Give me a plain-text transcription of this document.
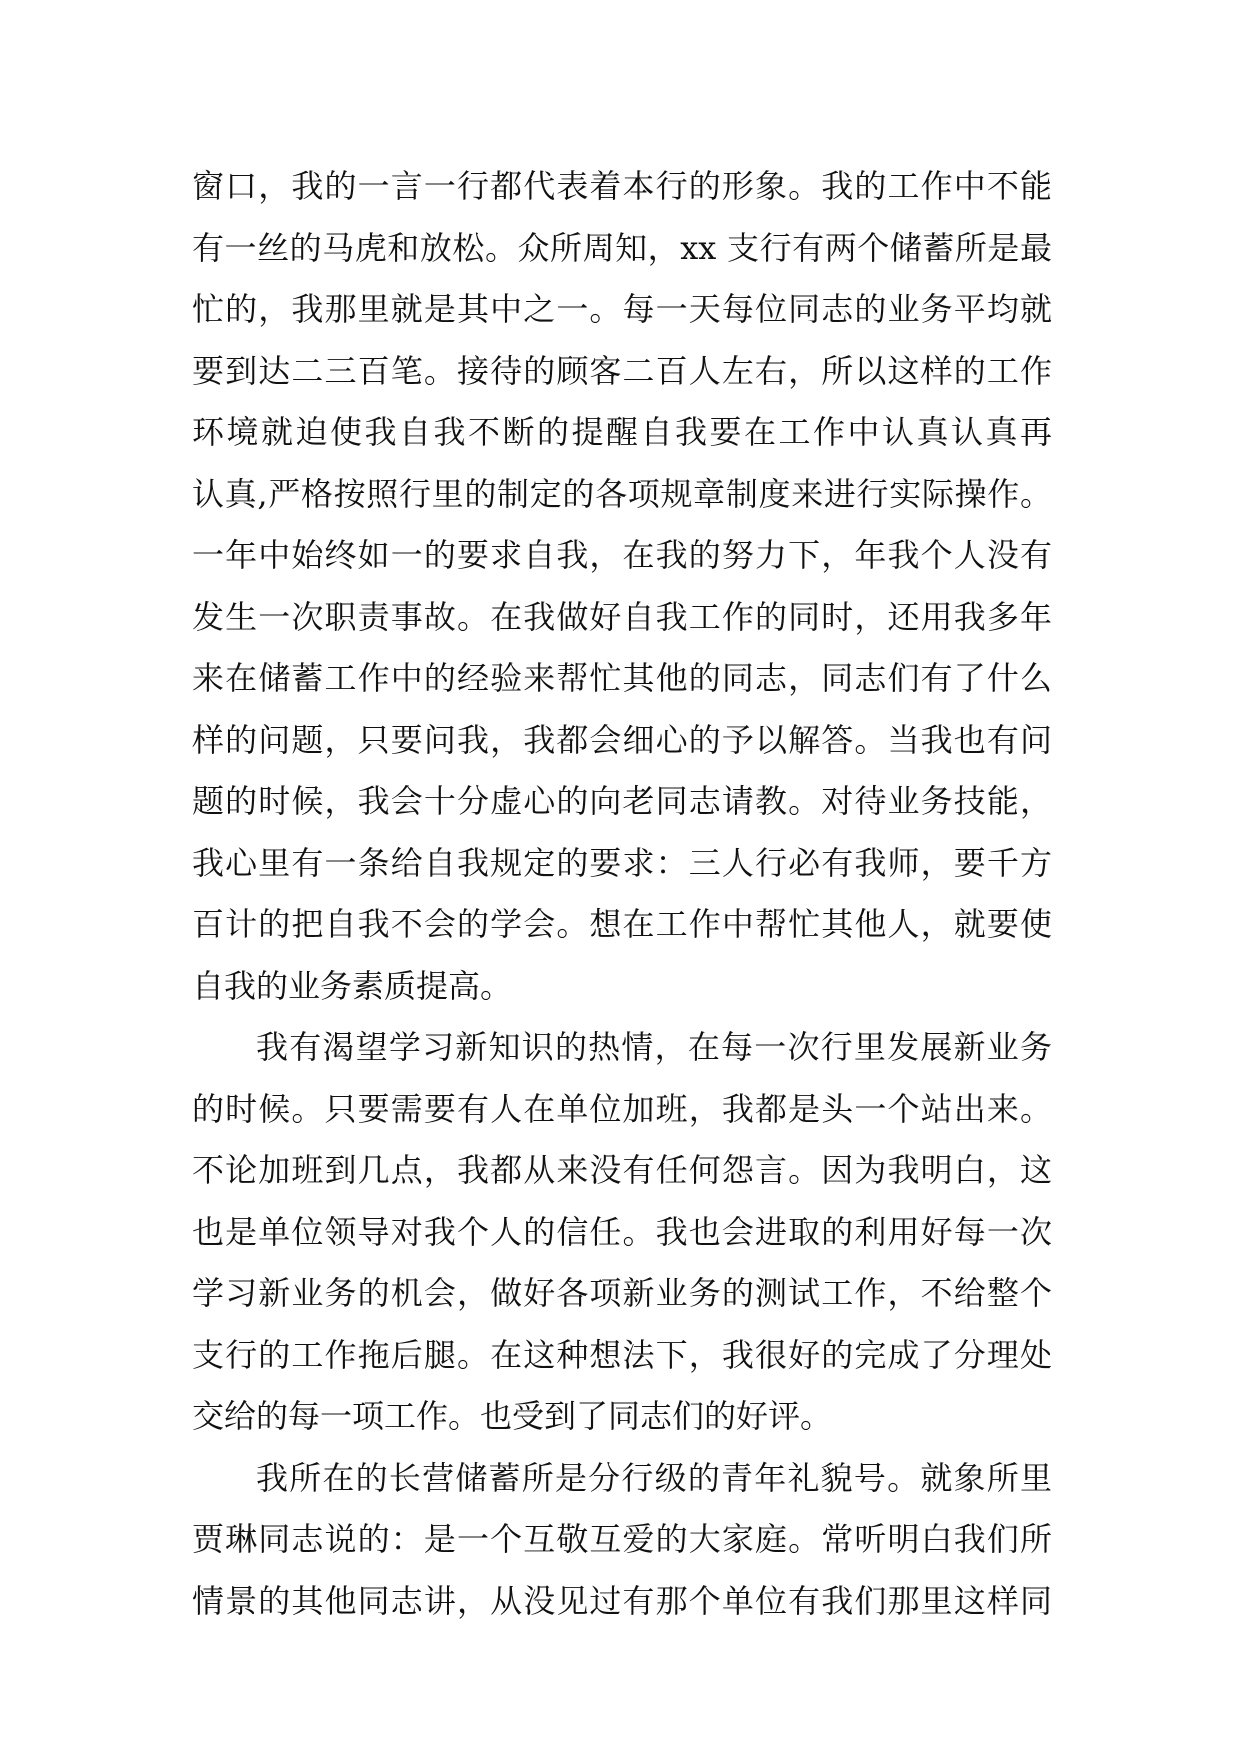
窗口，我的一言一行都代表着本行的形象。我的工作中不能
有一丝的马虎和放松。众所周知，xx 支行有两个储蓄所是最
忙的，我那里就是其中之一。每一天每位同志的业务平均就
要到达二三百笔。接待的顾客二百人左右，所以这样的工作
环境就迫使我自我不断的提醒自我要在工作中认真认真再
认真,严格按照行里的制定的各项规章制度来进行实际操作。
一年中始终如一的要求自我，在我的努力下，年我个人没有
发生一次职责事故。在我做好自我工作的同时，还用我多年
来在储蓄工作中的经验来帮忙其他的同志，同志们有了什么
样的问题，只要问我，我都会细心的予以解答。当我也有问
题的时候，我会十分虚心的向老同志请教。对待业务技能，
我心里有一条给自我规定的要求：三人行必有我师，要千方
百计的把自我不会的学会。想在工作中帮忙其他人，就要使
自我的业务素质提高。
我有渴望学习新知识的热情，在每一次行里发展新业务
的时候。只要需要有人在单位加班，我都是头一个站出来。
不论加班到几点，我都从来没有任何怨言。因为我明白，这
也是单位领导对我个人的信任。我也会进取的利用好每一次
学习新业务的机会，做好各项新业务的测试工作，不给整个
支行的工作拖后腿。在这种想法下，我很好的完成了分理处
交给的每一项工作。也受到了同志们的好评。
我所在的长营储蓄所是分行级的青年礼貌号。就象所里
贾琳同志说的：是一个互敬互爱的大家庭。常听明白我们所
情景的其他同志讲，从没见过有那个单位有我们那里这样同
